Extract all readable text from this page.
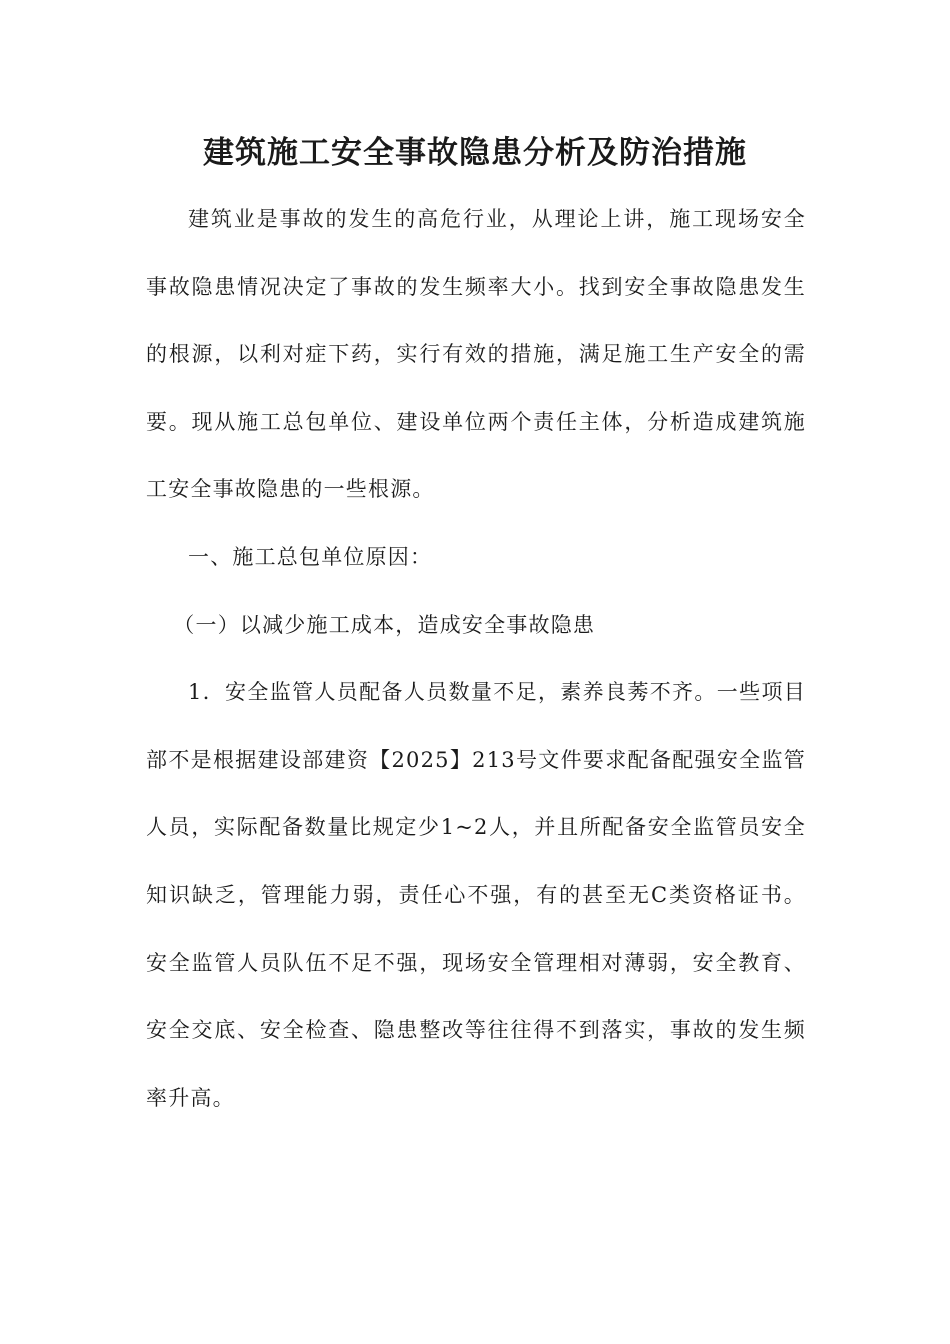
建筑施工安全事故隐患分析及防治措施

建筑业是事故的发生的高危行业，从理论上讲，施工现场安全事故隐患情况决定了事故的发生频率大小。找到安全事故隐患发生的根源，以利对症下药，实行有效的措施，满足施工生产安全的需要。现从施工总包单位、建设单位两个责任主体，分析造成建筑施工安全事故隐患的一些根源。

一、施工总包单位原因：

（一）以减少施工成本，造成安全事故隐患

1．安全监管人员配备人员数量不足，素养良莠不齐。一些项目部不是根据建设部建资【2025】213号文件要求配备配强安全监管人员，实际配备数量比规定少1~2人，并且所配备安全监管员安全知识缺乏，管理能力弱，责任心不强，有的甚至无C类资格证书。安全监管人员队伍不足不强，现场安全管理相对薄弱，安全教育、安全交底、安全检查、隐患整改等往往得不到落实，事故的发生频率升高。
